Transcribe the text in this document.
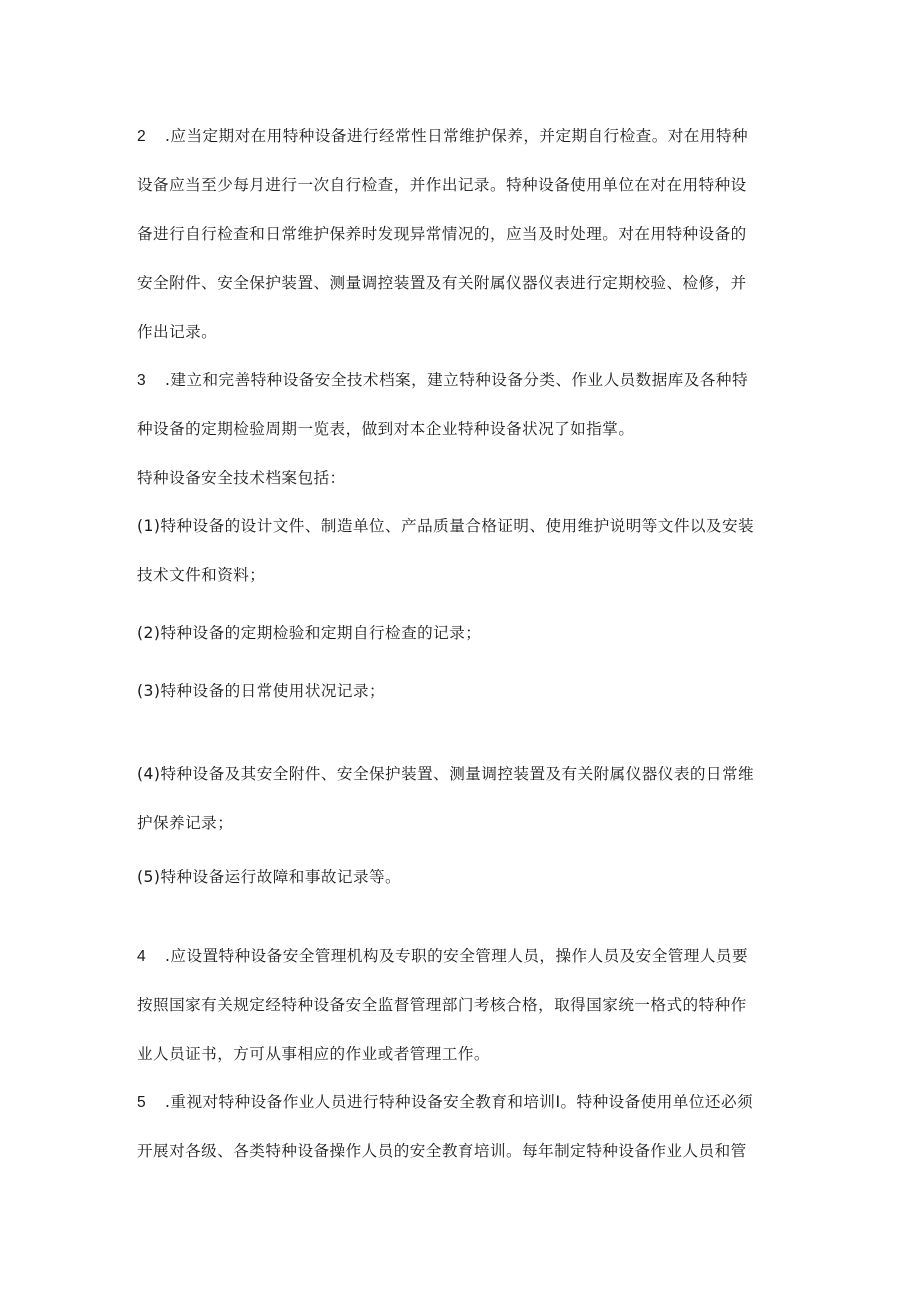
2 .应当定期对在用特种设备进行经常性日常维护保养，并定期自行检查。对在用特种
设备应当至少每月进行一次自行检查，并作出记录。特种设备使用单位在对在用特种设
备进行自行检查和日常维护保养时发现异常情况的，应当及时处理。对在用特种设备的
安全附件、安全保护装置、测量调控装置及有关附属仪器仪表进行定期校验、检修，并
作出记录。
3 .建立和完善特种设备安全技术档案，建立特种设备分类、作业人员数据库及各种特
种设备的定期检验周期一览表，做到对本企业特种设备状况了如指掌。
特种设备安全技术档案包括：
(1)特种设备的设计文件、制造单位、产品质量合格证明、使用维护说明等文件以及安装
技术文件和资料；
(2)特种设备的定期检验和定期自行检查的记录；
(3)特种设备的日常使用状况记录；
(4)特种设备及其安全附件、安全保护装置、测量调控装置及有关附属仪器仪表的日常维
护保养记录；
(5)特种设备运行故障和事故记录等。
4 .应设置特种设备安全管理机构及专职的安全管理人员，操作人员及安全管理人员要
按照国家有关规定经特种设备安全监督管理部门考核合格，取得国家统一格式的特种作
业人员证书，方可从事相应的作业或者管理工作。
5 .重视对特种设备作业人员进行特种设备安全教育和培训I。特种设备使用单位还必须
开展对各级、各类特种设备操作人员的安全教育培训。每年制定特种设备作业人员和管
